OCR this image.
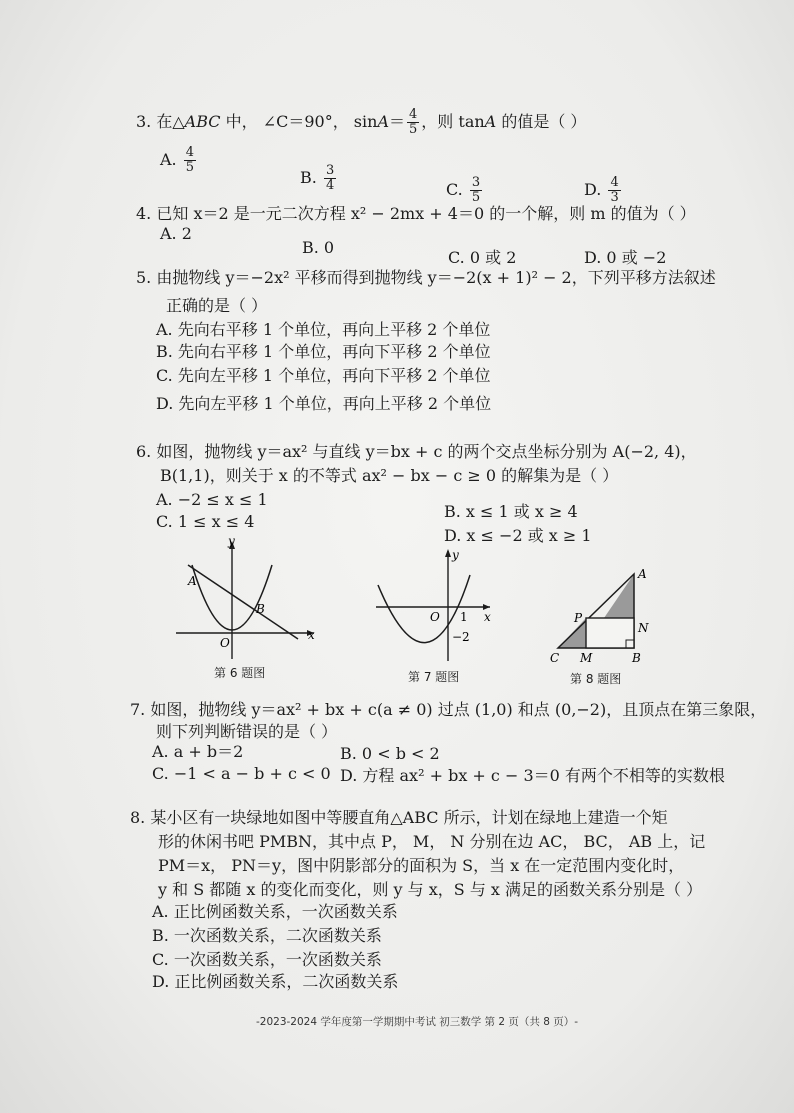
3. 在△ABC 中， ∠C＝90°， $\sin A= \frac{4}{5}$ ，则 tanA 的值是（ ）
A. $\frac{4}{5}$
B. $\frac{3}{4}$	C. $\frac{3}{5}$	D. $\frac{4}{3}$
4. 已知 x＝2 是一元二次方程 x² − 2mx + 4＝0 的一个解，则 m 的值为（ ）
A. 2
B. 0
C. 0 或 2	D. 0 或 −2
5. 由抛物线 y＝−2x² 平移而得到抛物线 y＝−2(x + 1)² − 2，下列平移方法叙述
正确的是（ ）
A. 先向右平移 1 个单位，再向上平移 2 个单位
B. 先向右平移 1 个单位，再向下平移 2 个单位
C. 先向左平移 1 个单位，再向下平移 2 个单位
D. 先向左平移 1 个单位，再向上平移 2 个单位
6. 如图，抛物线 y＝ax² 与直线 y＝bx + c 的两个交点坐标分别为 A(−2, 4)，
B(1,1)，则关于 x 的不等式 ax² − bx − c ≥ 0 的解集为是（ ）
A. −2 ≤ x ≤ 1
B. x ≤ 1 或 x ≥ 4
C. 1 ≤ x ≤ 4
D. x ≤ −2 或 x ≥ 1
y
x
O
A
B
第 6 题图
y
x
O 1
−2
第 7 题图
A
N
P
C M	B
第 8 题图
7. 如图，抛物线 y＝ax² + bx + c(a ≠ 0) 过点 (1,0) 和点 (0,−2)，且顶点在第三象限，
则下列判断错误的是（ ）
A. a + b＝2	B. 0 < b < 2
C. −1 < a − b + c < 0 D. 方程 ax² + bx + c − 3＝0 有两个不相等的实数根
8. 某小区有一块绿地如图中等腰直角△ABC 所示，计划在绿地上建造一个矩
形的休闲书吧 PMBN，其中点 P， M， N 分别在边 AC， BC， AB 上，记
PM＝x， PN＝y，图中阴影部分的面积为 S，当 x 在一定范围内变化时，
y 和 S 都随 x 的变化而变化，则 y 与 x，S 与 x 满足的函数关系分别是（ ）
A. 正比例函数关系，一次函数关系
B. 一次函数关系，二次函数关系
C. 一次函数关系，一次函数关系
D. 正比例函数关系，二次函数关系
-2023-2024 学年度第一学期期中考试 初三数学 第 2 页（共 8 页）-
